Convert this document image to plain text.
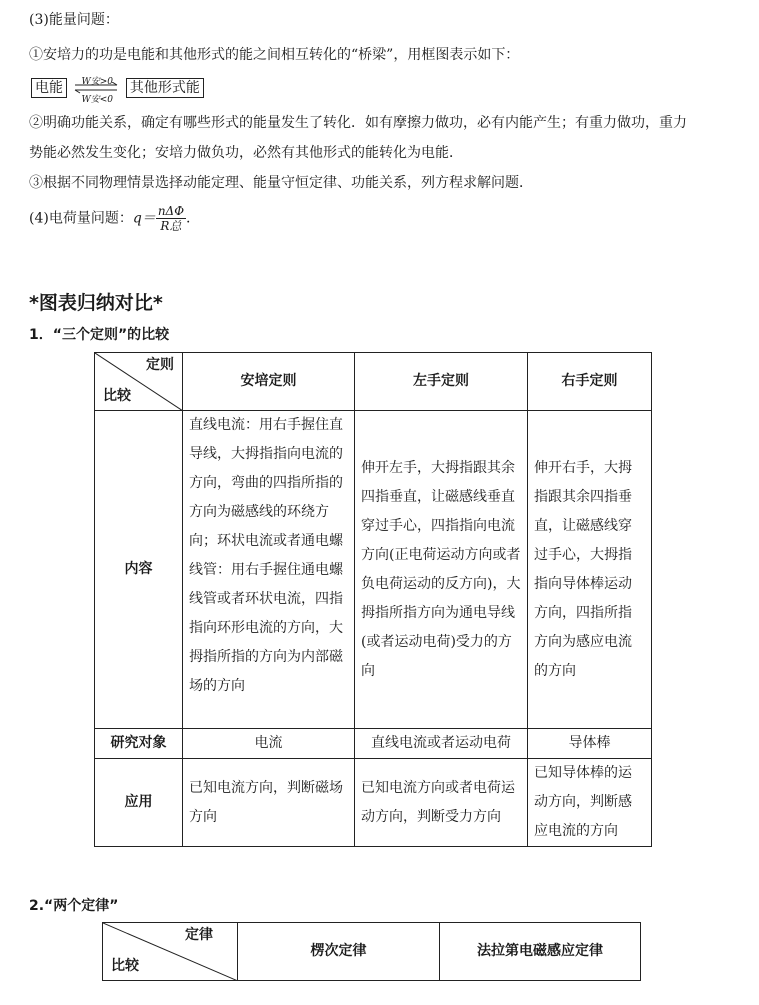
(3)能量问题：
①安培力的功是电能和其他形式的能之间相互转化的“桥梁”，用框图表示如下：
电能 W安>0
W安<0
其他形式能
②明确功能关系，确定有哪些形式的能量发生了转化．如有摩擦力做功，必有内能产生；有重力做功，重力
势能必然发生变化；安培力做负功，必然有其他形式的能转化为电能．
③根据不同物理情景选择动能定理、能量守恒定律、功能关系，列方程求解问题．
(4)电荷量问题：$q= \frac{\text{nΔΦ}}{\text{R总}}$ .
*图表归纳对比*
1．“三个定则”的比较
定则
比较	安培定则	左手定则	右手定则
内容	直线电流：用右手握住直导线，大拇指指向电流的方向，弯曲的四指所指的方向为磁感线的环绕方向；环状电流或者通电螺线管：用右手握住通电螺线管或者环状电流，四指指向环形电流的方向，大拇指所指的方向为内部磁场的方向	伸开左手，大拇指跟其余四指垂直，让磁感线垂直穿过手心，四指指向电流方向(正电荷运动方向或者负电荷运动的反方向)，大拇指所指方向为通电导线(或者运动电荷)受力的方向	伸开右手，大拇指跟其余四指垂直，让磁感线穿过手心，大拇指指向导体棒运动方向，四指所指方向为感应电流的方向
研究对象	电流	直线电流或者运动电荷	导体棒
应用	已知电流方向，判断磁场方向	已知电流方向或者电荷运动方向，判断受力方向	已知导体棒的运动方向，判断感应电流的方向
2.“两个定律”
定律
比较
	楞次定律	法拉第电磁感应定律
